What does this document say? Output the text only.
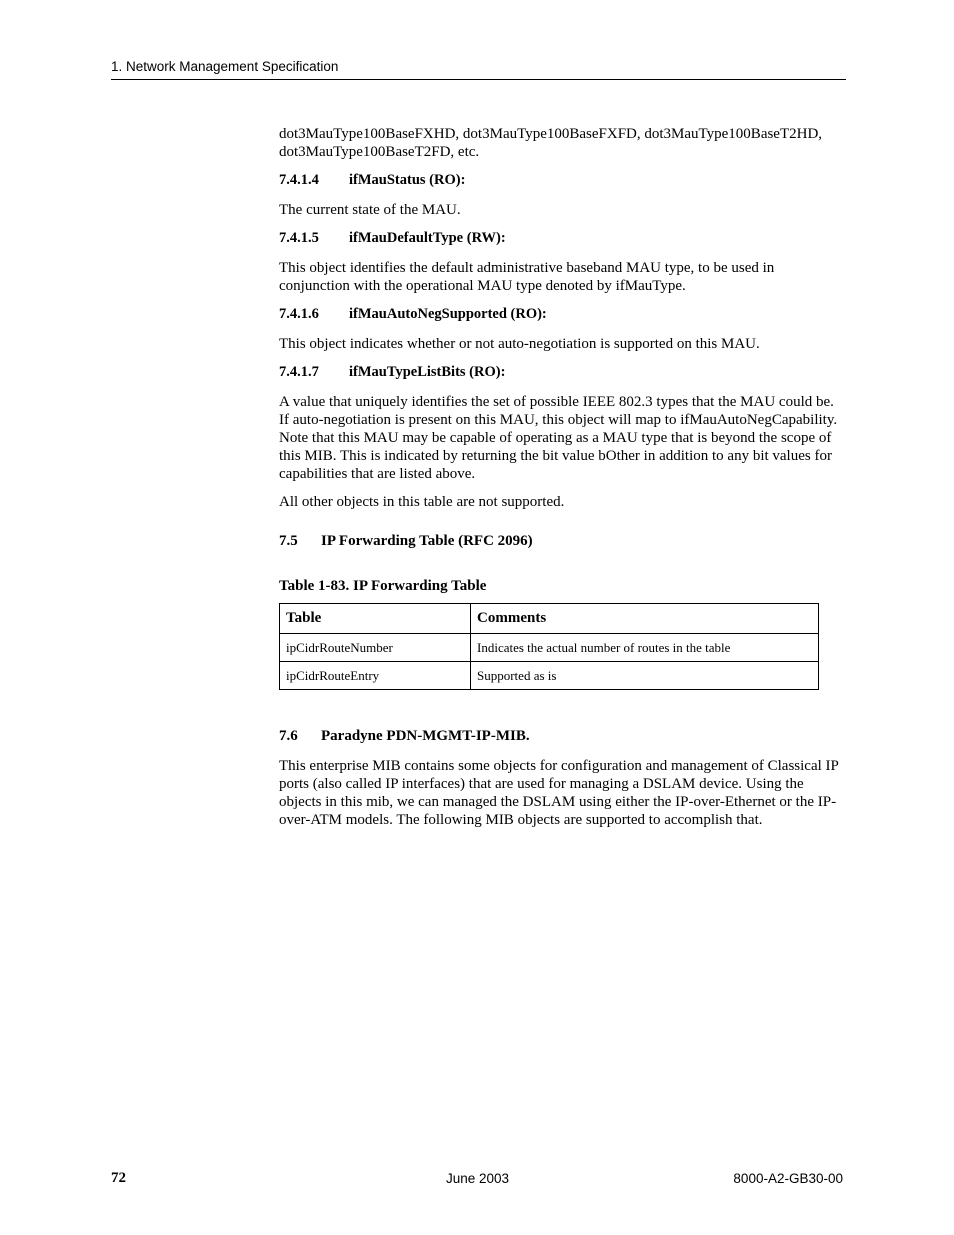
1. Network Management Specification

dot3MauType100BaseFXHD, dot3MauType100BaseFXFD, dot3MauType100BaseT2HD, dot3MauType100BaseT2FD, etc.

7.4.1.4 ifMauStatus (RO):

The current state of the MAU.

7.4.1.5 ifMauDefaultType (RW):

This object identifies the default administrative baseband MAU type, to be used in conjunction with the operational MAU type denoted by ifMauType.

7.4.1.6 ifMauAutoNegSupported (RO):

This object indicates whether or not auto-negotiation is supported on this MAU.

7.4.1.7 ifMauTypeListBits (RO):

A value that uniquely identifies the set of possible IEEE 802.3 types that the MAU could be. If auto-negotiation is present on this MAU, this object will map to ifMauAutoNegCapability. Note that this MAU may be capable of operating as a MAU type that is beyond the scope of this MIB. This is indicated by returning the bit value bOther in addition to any bit values for capabilities that are listed above.

All other objects in this table are not supported.

7.5 IP Forwarding Table (RFC 2096)
Table 1-83. IP Forwarding Table
Table	Comments
ipCidrRouteNumber	Indicates the actual number of routes in the table
ipCidrRouteEntry	Supported as is
7.6 Paradyne PDN-MGMT-IP-MIB.

This enterprise MIB contains some objects for configuration and management of Classical IP ports (also called IP interfaces) that are used for managing a DSLAM device. Using the objects in this mib, we can managed the DSLAM using either the IP-over-Ethernet or the IP-over-ATM models. The following MIB objects are supported to accomplish that.

72	June 2003	8000-A2-GB30-00
